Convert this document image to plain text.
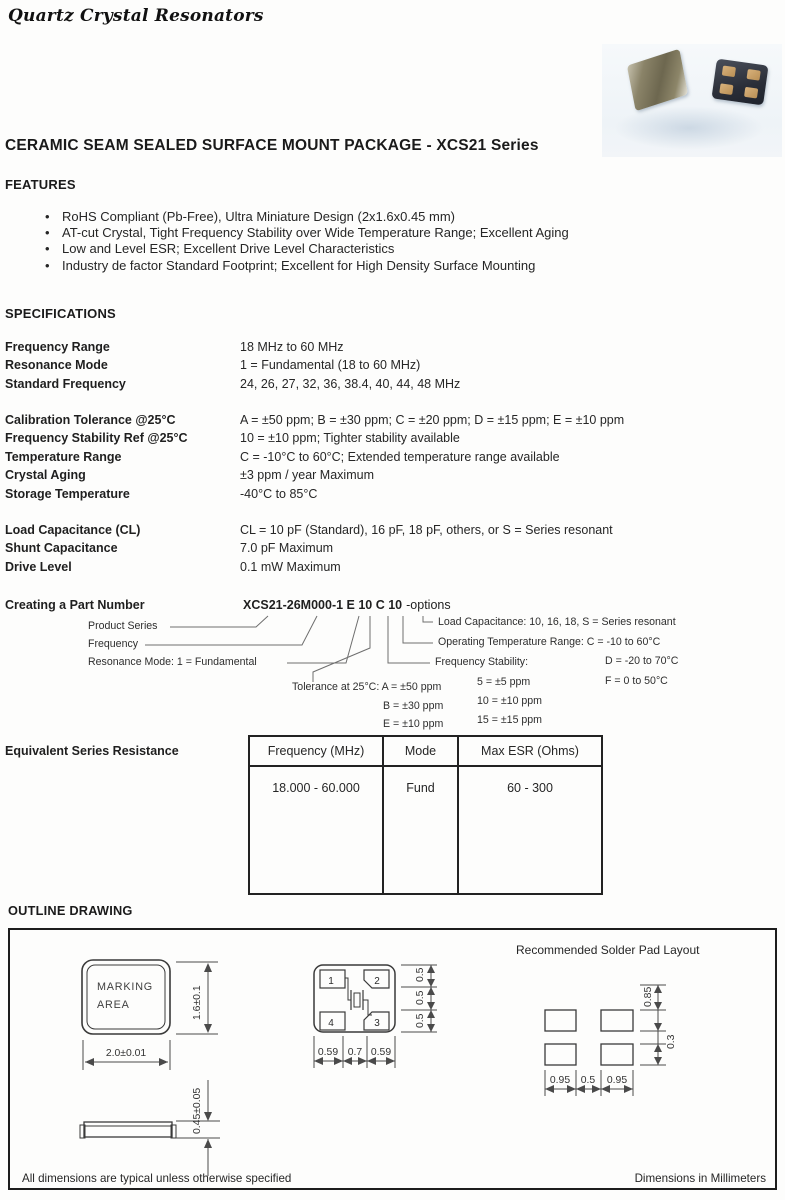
Quartz Crystal Resonators
CERAMIC SEAM SEALED SURFACE MOUNT PACKAGE - XCS21 Series
FEATURES
•
RoHS Compliant (Pb-Free), Ultra Miniature Design (2x1.6x0.45 mm)
•
AT-cut Crystal, Tight Frequency Stability over Wide Temperature Range; Excellent Aging
•
Low and Level ESR; Excellent Drive Level Characteristics
•
Industry de factor Standard Footprint; Excellent for High Density Surface Mounting
SPECIFICATIONS
Frequency Range	18 MHz to 60 MHz
Resonance Mode	1 = Fundamental (18 to 60 MHz)
Standard Frequency	24, 26, 27, 32, 36, 38.4, 40, 44, 48 MHz
Calibration Tolerance @25°C	A = ±50 ppm; B = ±30 ppm; C = ±20 ppm; D = ±15 ppm; E = ±10 ppm
Frequency Stability Ref @25°C	10 = ±10 ppm; Tighter stability available
Temperature Range	C = -10°C to 60°C; Extended temperature range available
Crystal Aging	±3 ppm / year Maximum
Storage Temperature	-40°C to 85°C
Load Capacitance (CL)	CL = 10 pF (Standard), 16 pF, 18 pF, others, or S = Series resonant
Shunt Capacitance	7.0 pF Maximum
Drive Level	0.1 mW Maximum
Creating a Part Number	XCS21-26M000-1 E 10 C 10 -options
Product Series
Frequency
Resonance Mode: 1 = Fundamental
Tolerance at 25°C: A = ±50 ppm
B = ±30 ppm
E = ±10 ppm
Frequency Stability:
5 = ±5 ppm
10 = ±10 ppm
15 = ±15 ppm
Load Capacitance: 10, 16, 18, S = Series resonant
Operating Temperature Range: C = -10 to 60°C
D = -20 to 70°C
F = 0 to 50°C
Equivalent Series Resistance	Frequency (MHz)	Mode	Max ESR (Ohms)
18.000 - 60.000	Fund	60 - 300
OUTLINE DRAWING
MARKING
AREA	1.6±0.1
2.0±0.01
0.45±0.05
1	2
3
4
0.5
0.5
0.5
0.59 0.7 0.59
Recommended Solder Pad Layout
0.85
0.3
0.95 0.5 0.95
All dimensions are typical unless otherwise specified	Dimensions in Millimeters
